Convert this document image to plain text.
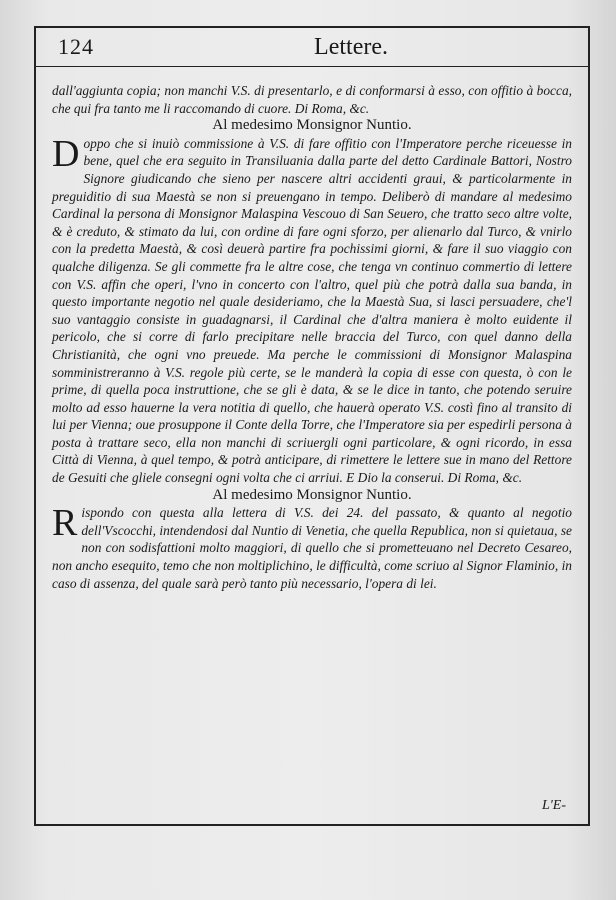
124	Lettere.

dall'aggiunta copia; non manchi V.S. di presentarlo, e di conformarsi à esso, con offitio à bocca, che qui fra tanto me li raccomando di cuore. Di Roma, &c.

Al medesimo Monsignor Nuntio.

D oppo che si inuiò commissione à V.S. di fare offitio con l'Imperatore perche riceuesse in bene, quel che era seguito in Transiluania dalla parte del detto Cardinale Battori, Nostro Signore giudicando che sieno per nascere altri accidenti graui, & particolarmente in preguiditio di sua Maestà se non si preuengano in tempo. Deliberò di mandare al medesimo Cardinal la persona di Monsignor Malaspina Vescouo di San Seuero, che tratto seco altre volte, & è creduto, & stimato da lui, con ordine di fare ogni sforzo, per alienarlo dal Turco, & vnirlo con la predetta Maestà, & così deuerà partire fra pochissimi giorni, & fare il suo viaggio con qualche diligenza. Se gli commette fra le altre cose, che tenga vn continuo commertio di lettere con V.S. affin che operi, l'vno in concerto con l'altro, quel più che potrà dalla sua banda, in questo importante negotio nel quale desideriamo, che la Maestà Sua, si lasci persuadere, che'l suo vantaggio consiste in guadagnarsi, il Cardinal che d'altra maniera è molto euidente il pericolo, che si corre di farlo precipitare nelle braccia del Turco, con quel danno della Christianità, che ogni vno preuede. Ma perche le commissioni di Monsignor Malaspina somministreranno à V.S. regole più certe, se le manderà la copia di esse con questa, ò con le prime, di quella poca instruttione, che se gli è data, & se le dice in tanto, che potendo seruire molto ad esso hauerne la vera notitia di quello, che hauerà operato V.S. costì fino al transito di lui per Vienna; oue prosuppone il Conte della Torre, che l'Imperatore sia per espedirli persona à posta à trattare seco, ella non manchi di scriuergli ogni particolare, & ogni ricordo, in essa Città di Vienna, à quel tempo, & potrà anticipare, di rimettere le lettere sue in mano del Rettore de Gesuiti che gliele consegni ogni volta che ci arriui. E Dio la conserui. Di Roma, &c.

Al medesimo Monsignor Nuntio.

R ispondo con questa alla lettera di V.S. dei 24. del passato, & quanto al negotio dell'Vscocchi, intendendosi dal Nuntio di Venetia, che quella Republica, non si quietaua, se non con sodisfattioni molto maggiori, di quello che si prometteuano nel Decreto Cesareo, non ancho esequito, temo che non moltiplichino, le difficultà, come scriuo al Signor Flaminio, in caso di assenza, del quale sarà però tanto più necessario, l'opera di lei.
L'E-
